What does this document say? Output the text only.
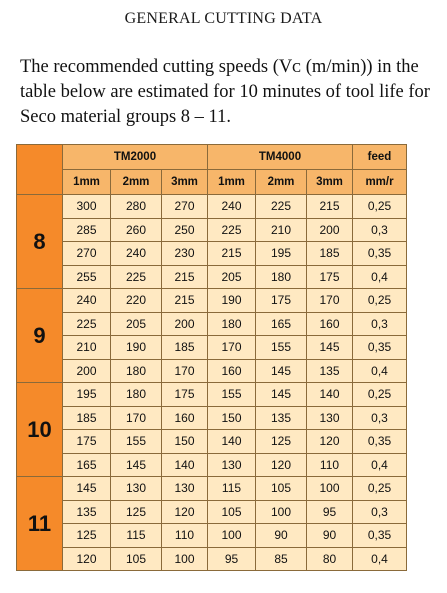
GENERAL CUTTING DATA
The recommended cutting speeds (Vᴄ (m/min)) in the table below are estimated for 10 minutes of tool life for Seco material groups 8 – 11.
	TM2000			TM4000			feed
	1mm	2mm	3mm	1mm	2mm	3mm	mm/r
8	300	280	270	240	225	215	0,25
	285	260	250	225	210	200	0,3
	270	240	230	215	195	185	0,35
	255	225	215	205	180	175	0,4
9	240	220	215	190	175	170	0,25
	225	205	200	180	165	160	0,3
	210	190	185	170	155	145	0,35
	200	180	170	160	145	135	0,4
10	195	180	175	155	145	140	0,25
	185	170	160	150	135	130	0,3
	175	155	150	140	125	120	0,35
	165	145	140	130	120	110	0,4
11	145	130	130	115	105	100	0,25
	135	125	120	105	100	95	0,3
	125	115	110	100	90	90	0,35
	120	105	100	95	85	80	0,4
